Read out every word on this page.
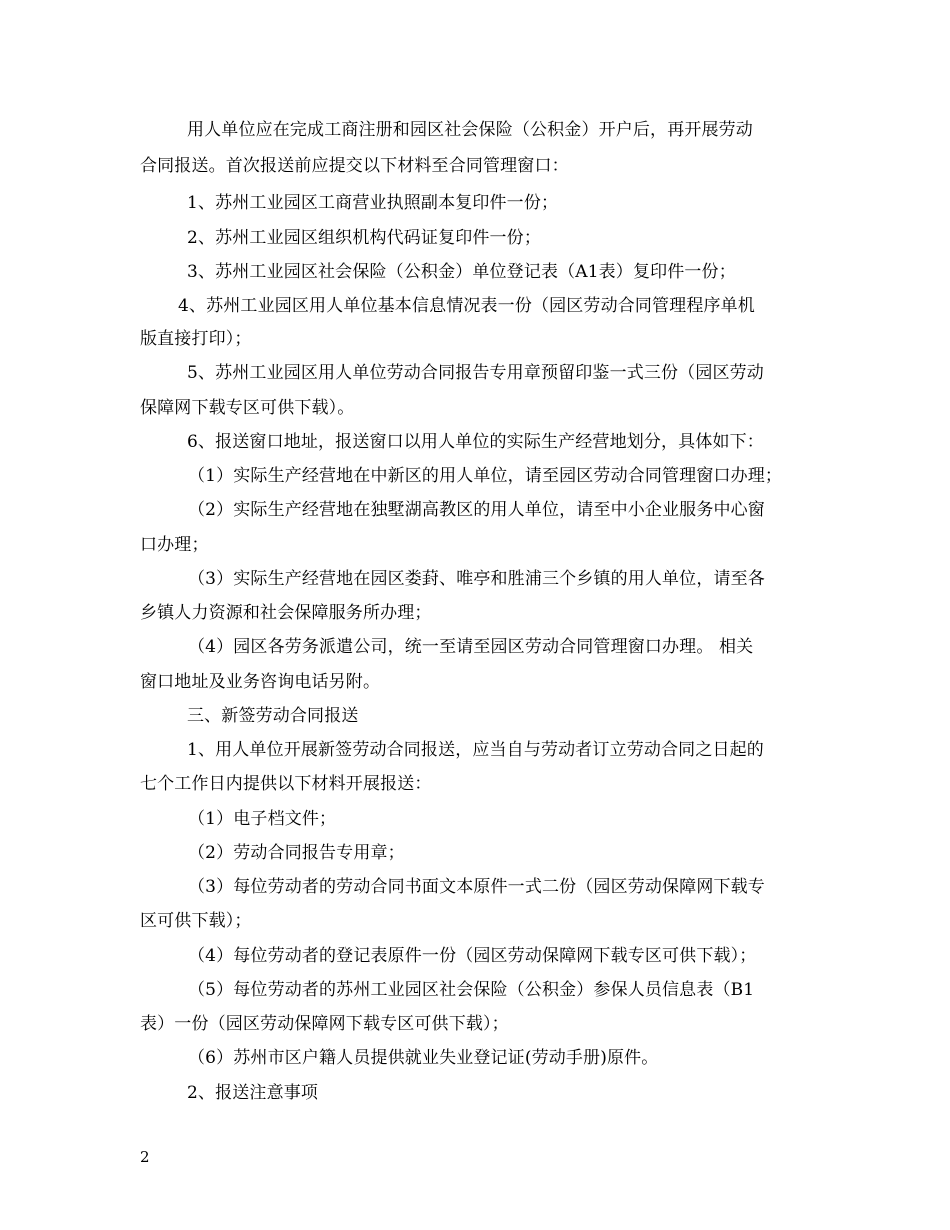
用人单位应在完成工商注册和园区社会保险（公积金）开户后，再开展劳动
合同报送。首次报送前应提交以下材料至合同管理窗口：
1、苏州工业园区工商营业执照副本复印件一份；
2、苏州工业园区组织机构代码证复印件一份；
3、苏州工业园区社会保险（公积金）单位登记表（A1表）复印件一份；
4、苏州工业园区用人单位基本信息情况表一份（园区劳动合同管理程序单机
版直接打印）；
5、苏州工业园区用人单位劳动合同报告专用章预留印鉴一式三份（园区劳动
保障网下载专区可供下载）。
6、报送窗口地址，报送窗口以用人单位的实际生产经营地划分，具体如下：
（1）实际生产经营地在中新区的用人单位，请至园区劳动合同管理窗口办理；
（2）实际生产经营地在独墅湖高教区的用人单位，请至中小企业服务中心窗
口办理；
（3）实际生产经营地在园区娄葑、唯亭和胜浦三个乡镇的用人单位，请至各
乡镇人力资源和社会保障服务所办理；
（4）园区各劳务派遣公司，统一至请至园区劳动合同管理窗口办理。 相关
窗口地址及业务咨询电话另附。
三、新签劳动合同报送
1、用人单位开展新签劳动合同报送，应当自与劳动者订立劳动合同之日起的
七个工作日内提供以下材料开展报送：
（1）电子档文件；
（2）劳动合同报告专用章；
（3）每位劳动者的劳动合同书面文本原件一式二份（园区劳动保障网下载专
区可供下载）；
（4）每位劳动者的登记表原件一份（园区劳动保障网下载专区可供下载）；
（5）每位劳动者的苏州工业园区社会保险（公积金）参保人员信息表（B1
表）一份（园区劳动保障网下载专区可供下载）；
（6）苏州市区户籍人员提供就业失业登记证(劳动手册)原件。
2、报送注意事项
2
